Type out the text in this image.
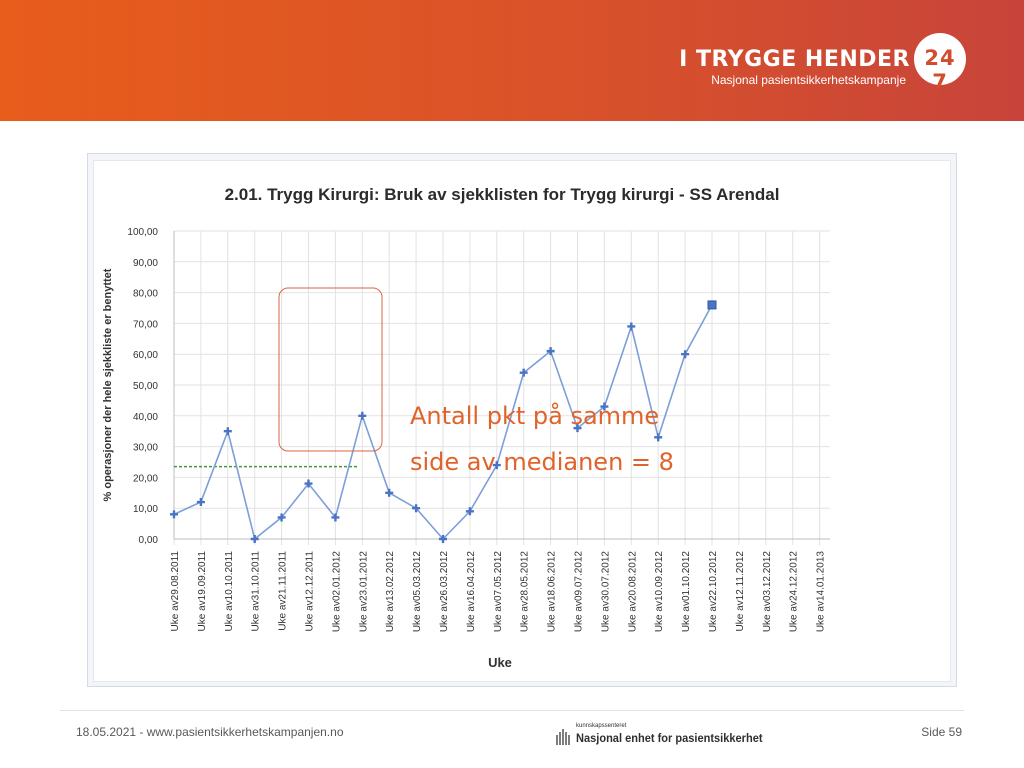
I TRYGGE HENDER
Nasjonal pasientsikkerhetskampanje
24 7
2.01. Trygg Kirurgi: Bruk av sjekklisten for Trygg kirurgi - SS Arendal
0,00
10,00
20,00
30,00
40,00
50,00
60,00
70,00
80,00
90,00
100,00
Uke av29.08.2011 Uke av19.09.2011 Uke av10.10.2011 Uke av31.10.2011 Uke av21.11.2011 Uke av12.12.2011 Uke av02.01.2012 Uke av23.01.2012 Uke av13.02.2012 Uke av05.03.2012 Uke av26.03.2012 Uke av16.04.2012 Uke av07.05.2012 Uke av28.05.2012 Uke av18.06.2012 Uke av09.07.2012 Uke av30.07.2012 Uke av20.08.2012 Uke av10.09.2012 Uke av01.10.2012 Uke av22.10.2012 Uke av12.11.2012 Uke av03.12.2012 Uke av24.12.2012 Uke av14.01.2013
% operasjoner der hele sjekkliste er benyttet
Uke
Antall pkt på samme
side av medianen = 8
18.05.2021 - www.pasientsikkerhetskampanjen.no	kunnskapssenteret
Nasjonal enhet for pasientsikkerhet	Side 59
